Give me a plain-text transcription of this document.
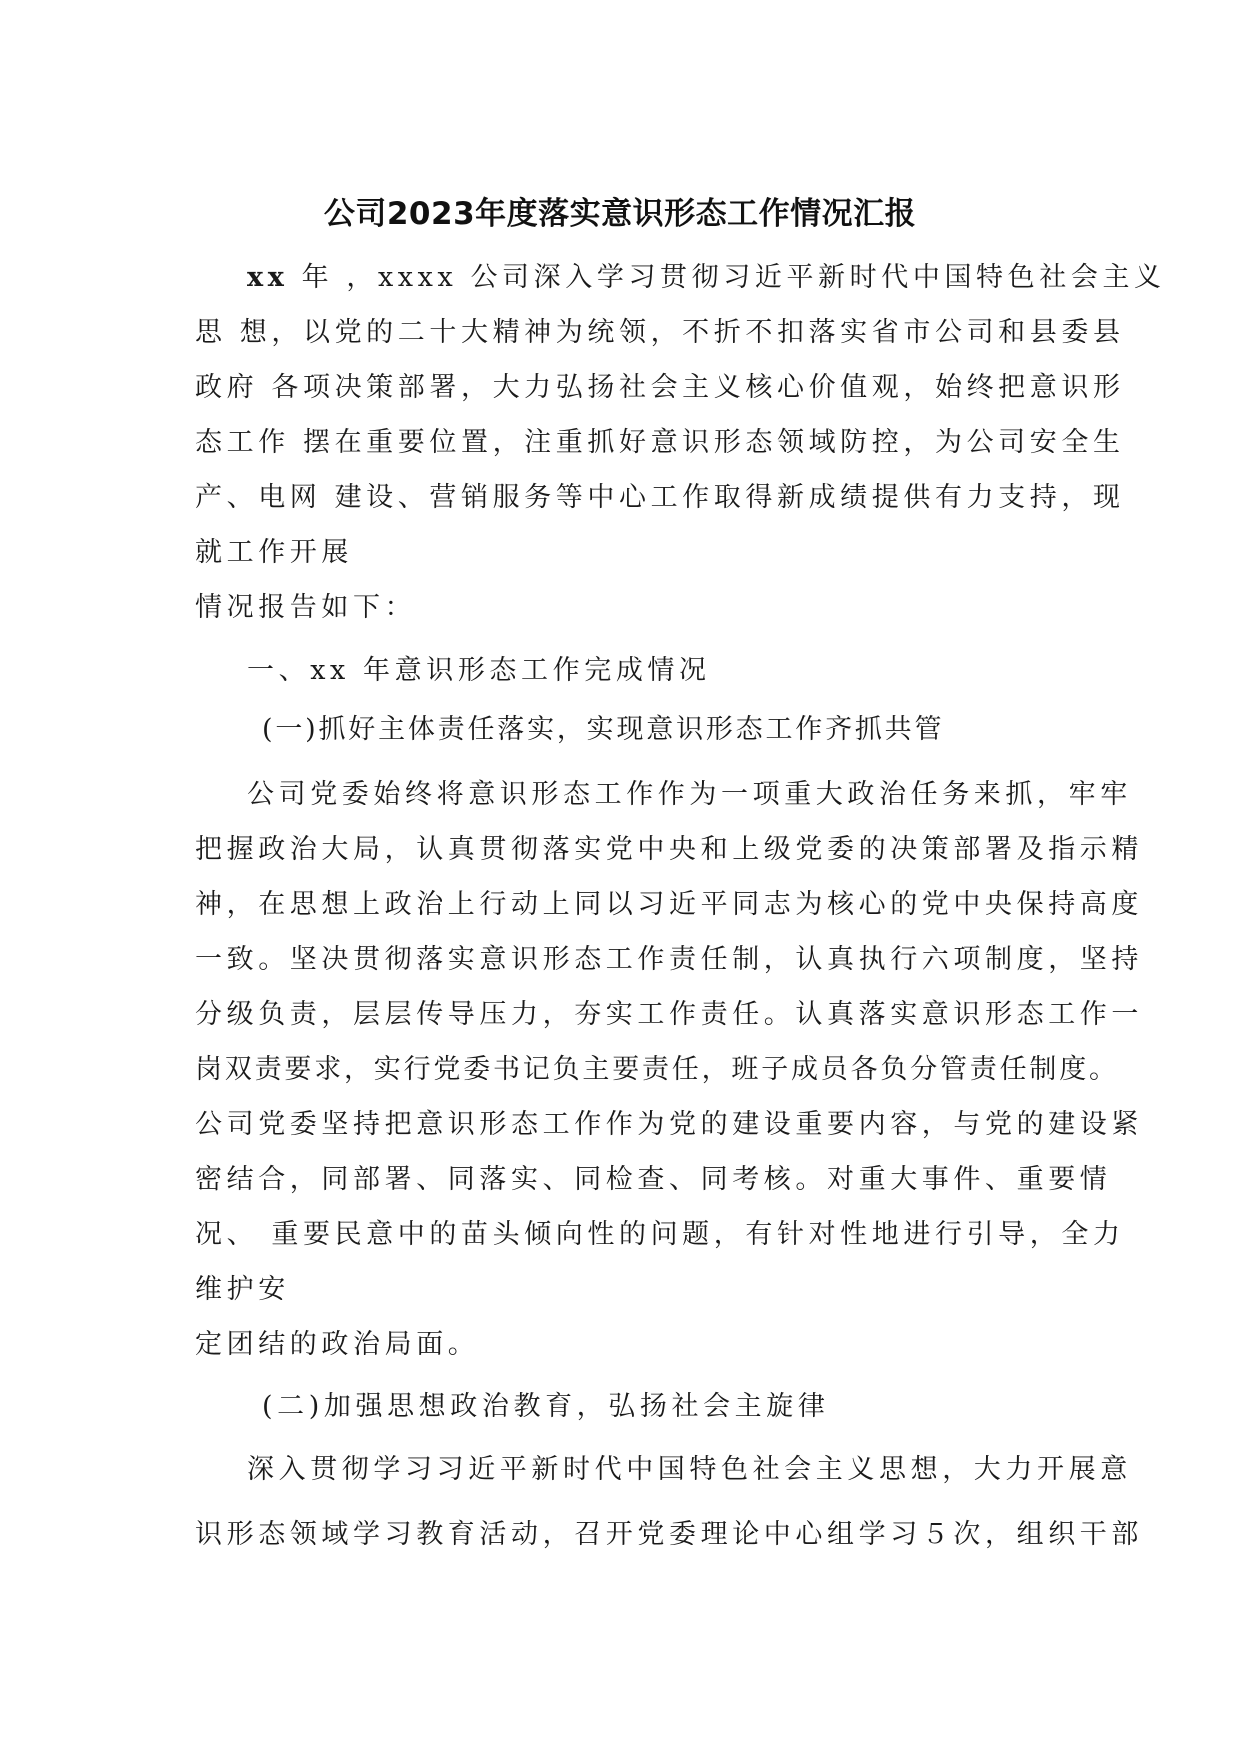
公司2023年度落实意识形态工作情况汇报
xx 年 ，xxxx 公司深入学习贯彻习近平新时代中国特色社会主义
思 想，以党的二十大精神为统领，不折不扣落实省市公司和县委县
政府 各项决策部署，大力弘扬社会主义核心价值观，始终把意识形
态工作 摆在重要位置，注重抓好意识形态领域防控，为公司安全生
产、电网 建设、营销服务等中心工作取得新成绩提供有力支持，现
就工作开展
情况报告如下：
一、xx 年意识形态工作完成情况
(一)抓好主体责任落实，实现意识形态工作齐抓共管
公司党委始终将意识形态工作作为一项重大政治任务来抓，牢牢
把握政治大局，认真贯彻落实党中央和上级党委的决策部署及指示精
神，在思想上政治上行动上同以习近平同志为核心的党中央保持高度
一致。坚决贯彻落实意识形态工作责任制，认真执行六项制度，坚持
分级负责，层层传导压力，夯实工作责任。认真落实意识形态工作一
岗双责要求，实行党委书记负主要责任，班子成员各负分管责任制度。
公司党委坚持把意识形态工作作为党的建设重要内容，与党的建设紧
密结合，同部署、同落实、同检查、同考核。对重大事件、重要情
况、 重要民意中的苗头倾向性的问题，有针对性地进行引导，全力
维护安
定团结的政治局面。
(二)加强思想政治教育，弘扬社会主旋律
深入贯彻学习习近平新时代中国特色社会主义思想，大力开展意
识形态领域学习教育活动，召开党委理论中心组学习５次，组织干部
